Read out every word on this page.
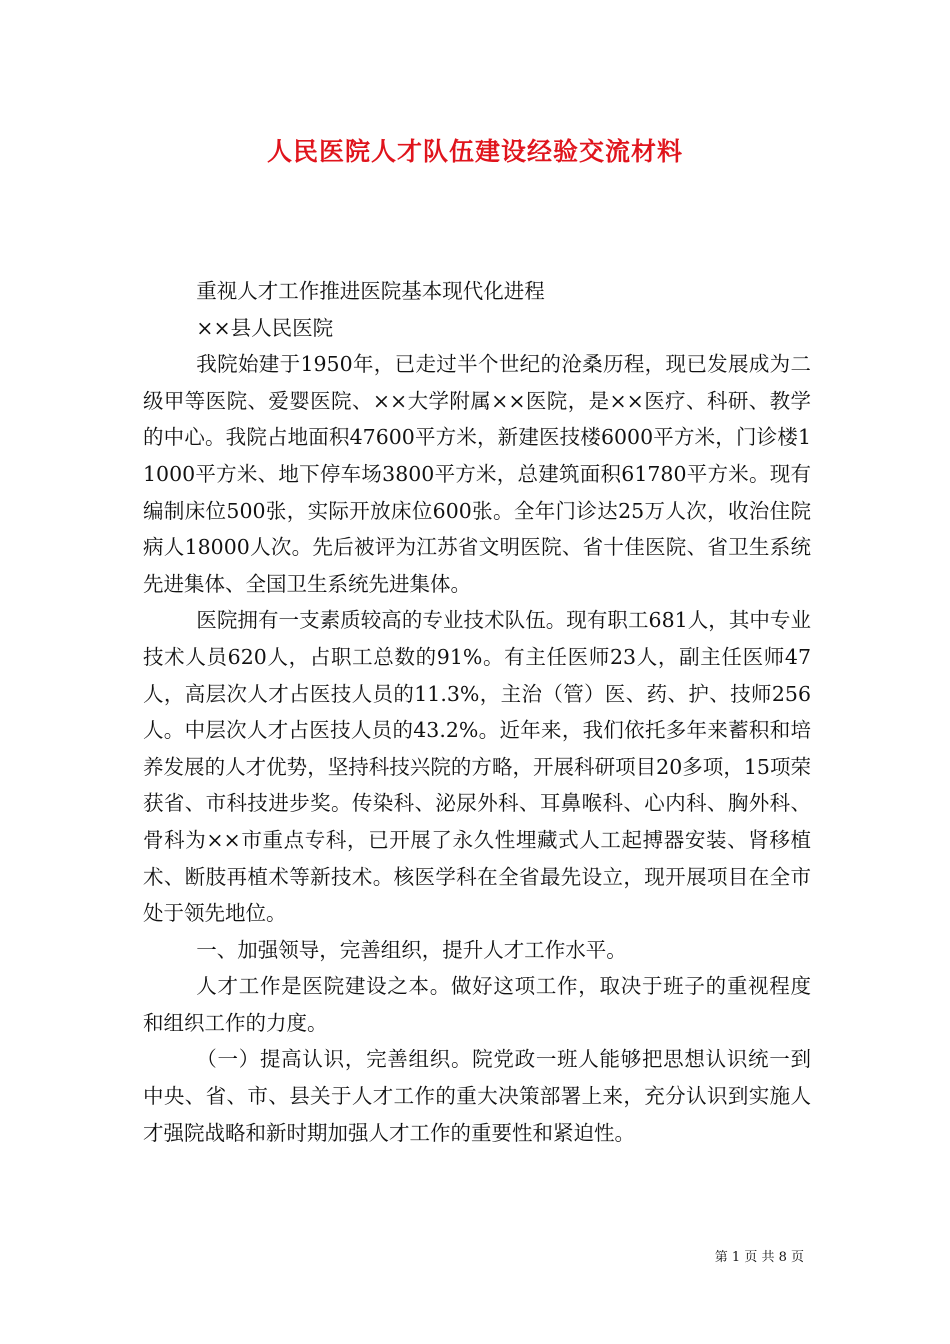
人民医院人才队伍建设经验交流材料

重视人才工作推进医院基本现代化进程

××县人民医院

我院始建于1950年，已走过半个世纪的沧桑历程，现已发展成为二级甲等医院、爱婴医院、××大学附属××医院，是××医疗、科研、教学的中心。我院占地面积47600平方米，新建医技楼6000平方米，门诊楼11000平方米、地下停车场3800平方米，总建筑面积61780平方米。现有编制床位500张，实际开放床位600张。全年门诊达25万人次，收治住院病人18000人次。先后被评为江苏省文明医院、省十佳医院、省卫生系统先进集体、全国卫生系统先进集体。

医院拥有一支素质较高的专业技术队伍。现有职工681人，其中专业技术人员620人，占职工总数的91%。有主任医师23人，副主任医师47人，高层次人才占医技人员的11.3%，主治（管）医、药、护、技师256人。中层次人才占医技人员的43.2%。近年来，我们依托多年来蓄积和培养发展的人才优势，坚持科技兴院的方略，开展科研项目20多项，15项荣获省、市科技进步奖。传染科、泌尿外科、耳鼻喉科、心内科、胸外科、骨科为××市重点专科，已开展了永久性埋藏式人工起搏器安装、肾移植术、断肢再植术等新技术。核医学科在全省最先设立，现开展项目在全市处于领先地位。

一、加强领导，完善组织，提升人才工作水平。

人才工作是医院建设之本。做好这项工作，取决于班子的重视程度和组织工作的力度。

（一）提高认识，完善组织。院党政一班人能够把思想认识统一到中央、省、市、县关于人才工作的重大决策部署上来，充分认识到实施人才强院战略和新时期加强人才工作的重要性和紧迫性。

第 1 页 共 8 页
